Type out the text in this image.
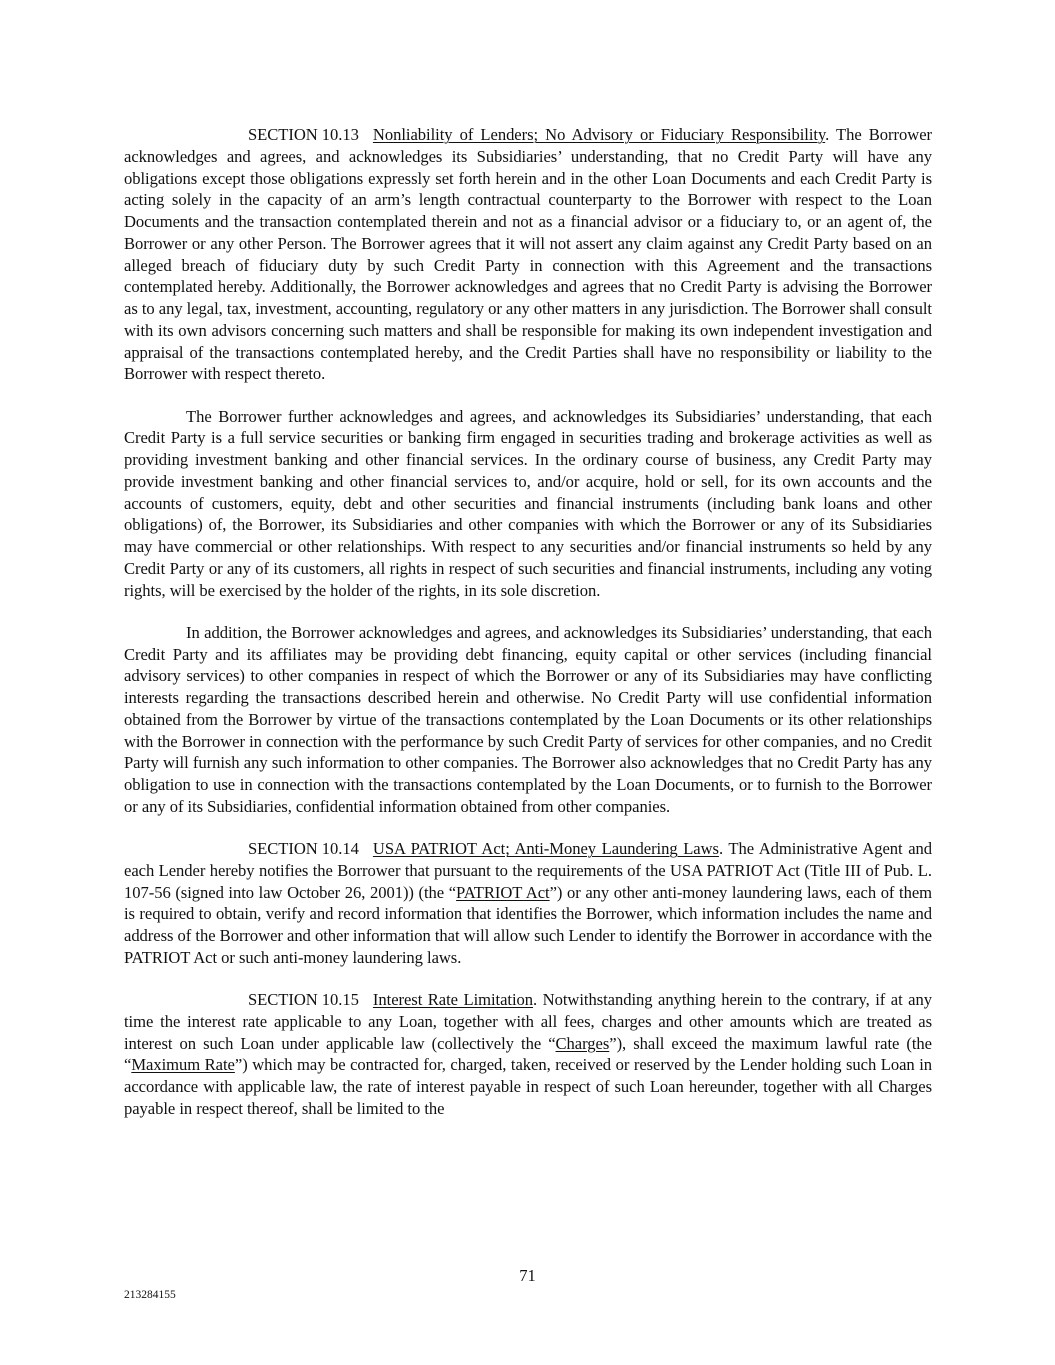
SECTION 10.13 Nonliability of Lenders; No Advisory or Fiduciary Responsibility. The Borrower acknowledges and agrees, and acknowledges its Subsidiaries’ understanding, that no Credit Party will have any obligations except those obligations expressly set forth herein and in the other Loan Documents and each Credit Party is acting solely in the capacity of an arm’s length contractual counterparty to the Borrower with respect to the Loan Documents and the transaction contemplated therein and not as a financial advisor or a fiduciary to, or an agent of, the Borrower or any other Person. The Borrower agrees that it will not assert any claim against any Credit Party based on an alleged breach of fiduciary duty by such Credit Party in connection with this Agreement and the transactions contemplated hereby. Additionally, the Borrower acknowledges and agrees that no Credit Party is advising the Borrower as to any legal, tax, investment, accounting, regulatory or any other matters in any jurisdiction. The Borrower shall consult with its own advisors concerning such matters and shall be responsible for making its own independent investigation and appraisal of the transactions contemplated hereby, and the Credit Parties shall have no responsibility or liability to the Borrower with respect thereto.

The Borrower further acknowledges and agrees, and acknowledges its Subsidiaries’ understanding, that each Credit Party is a full service securities or banking firm engaged in securities trading and brokerage activities as well as providing investment banking and other financial services. In the ordinary course of business, any Credit Party may provide investment banking and other financial services to, and/or acquire, hold or sell, for its own accounts and the accounts of customers, equity, debt and other securities and financial instruments (including bank loans and other obligations) of, the Borrower, its Subsidiaries and other companies with which the Borrower or any of its Subsidiaries may have commercial or other relationships. With respect to any securities and/or financial instruments so held by any Credit Party or any of its customers, all rights in respect of such securities and financial instruments, including any voting rights, will be exercised by the holder of the rights, in its sole discretion.

In addition, the Borrower acknowledges and agrees, and acknowledges its Subsidiaries’ understanding, that each Credit Party and its affiliates may be providing debt financing, equity capital or other services (including financial advisory services) to other companies in respect of which the Borrower or any of its Subsidiaries may have conflicting interests regarding the transactions described herein and otherwise. No Credit Party will use confidential information obtained from the Borrower by virtue of the transactions contemplated by the Loan Documents or its other relationships with the Borrower in connection with the performance by such Credit Party of services for other companies, and no Credit Party will furnish any such information to other companies. The Borrower also acknowledges that no Credit Party has any obligation to use in connection with the transactions contemplated by the Loan Documents, or to furnish to the Borrower or any of its Subsidiaries, confidential information obtained from other companies.

SECTION 10.14 USA PATRIOT Act; Anti-Money Laundering Laws. The Administrative Agent and each Lender hereby notifies the Borrower that pursuant to the requirements of the USA PATRIOT Act (Title III of Pub. L. 107-56 (signed into law October 26, 2001)) (the “PATRIOT Act”) or any other anti-money laundering laws, each of them is required to obtain, verify and record information that identifies the Borrower, which information includes the name and address of the Borrower and other information that will allow such Lender to identify the Borrower in accordance with the PATRIOT Act or such anti-money laundering laws.

SECTION 10.15 Interest Rate Limitation. Notwithstanding anything herein to the contrary, if at any time the interest rate applicable to any Loan, together with all fees, charges and other amounts which are treated as interest on such Loan under applicable law (collectively the “Charges”), shall exceed the maximum lawful rate (the “Maximum Rate”) which may be contracted for, charged, taken, received or reserved by the Lender holding such Loan in accordance with applicable law, the rate of interest payable in respect of such Loan hereunder, together with all Charges payable in respect thereof, shall be limited to the

71
213284155
